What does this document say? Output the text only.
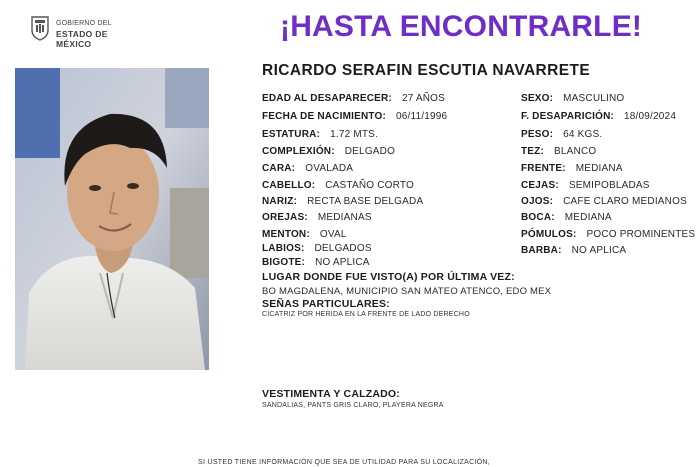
GOBIERNO DEL
ESTADO DE MÉXICO
¡HASTA ENCONTRARLE!
RICARDO SERAFIN ESCUTIA NAVARRETE
EDAD AL DESAPARECER: 27 AÑOS
FECHA DE NACIMIENTO: 06/11/1996
ESTATURA: 1.72 MTS.
COMPLEXIÓN: DELGADO
CARA: OVALADA
CABELLO: CASTAÑO CORTO
NARIZ: RECTA BASE DELGADA
OREJAS: MEDIANAS
MENTON: OVAL
LABIOS: DELGADOS
BIGOTE: NO APLICA
SEXO: MASCULINO
F. DESAPARICIÓN: 18/09/2024
PESO: 64 KGS.
TEZ: BLANCO
FRENTE: MEDIANA
CEJAS: SEMIPOBLADAS
OJOS: CAFE CLARO MEDIANOS
BOCA: MEDIANA
PÓMULOS: POCO PROMINENTES
BARBA: NO APLICA
LUGAR DONDE FUE VISTO(A) POR ÚLTIMA VEZ:
BO MAGDALENA, MUNICIPIO SAN MATEO ATENCO, EDO MEX
SEÑAS PARTICULARES:
CICATRIZ POR HERIDA EN LA FRENTE DE LADO DERECHO
VESTIMENTA Y CALZADO:
SANDALIAS, PANTS GRIS CLARO, PLAYERA NEGRA
SI USTED TIENE INFORMACIÓN QUE SEA DE UTILIDAD PARA SU LOCALIZACIÓN,
